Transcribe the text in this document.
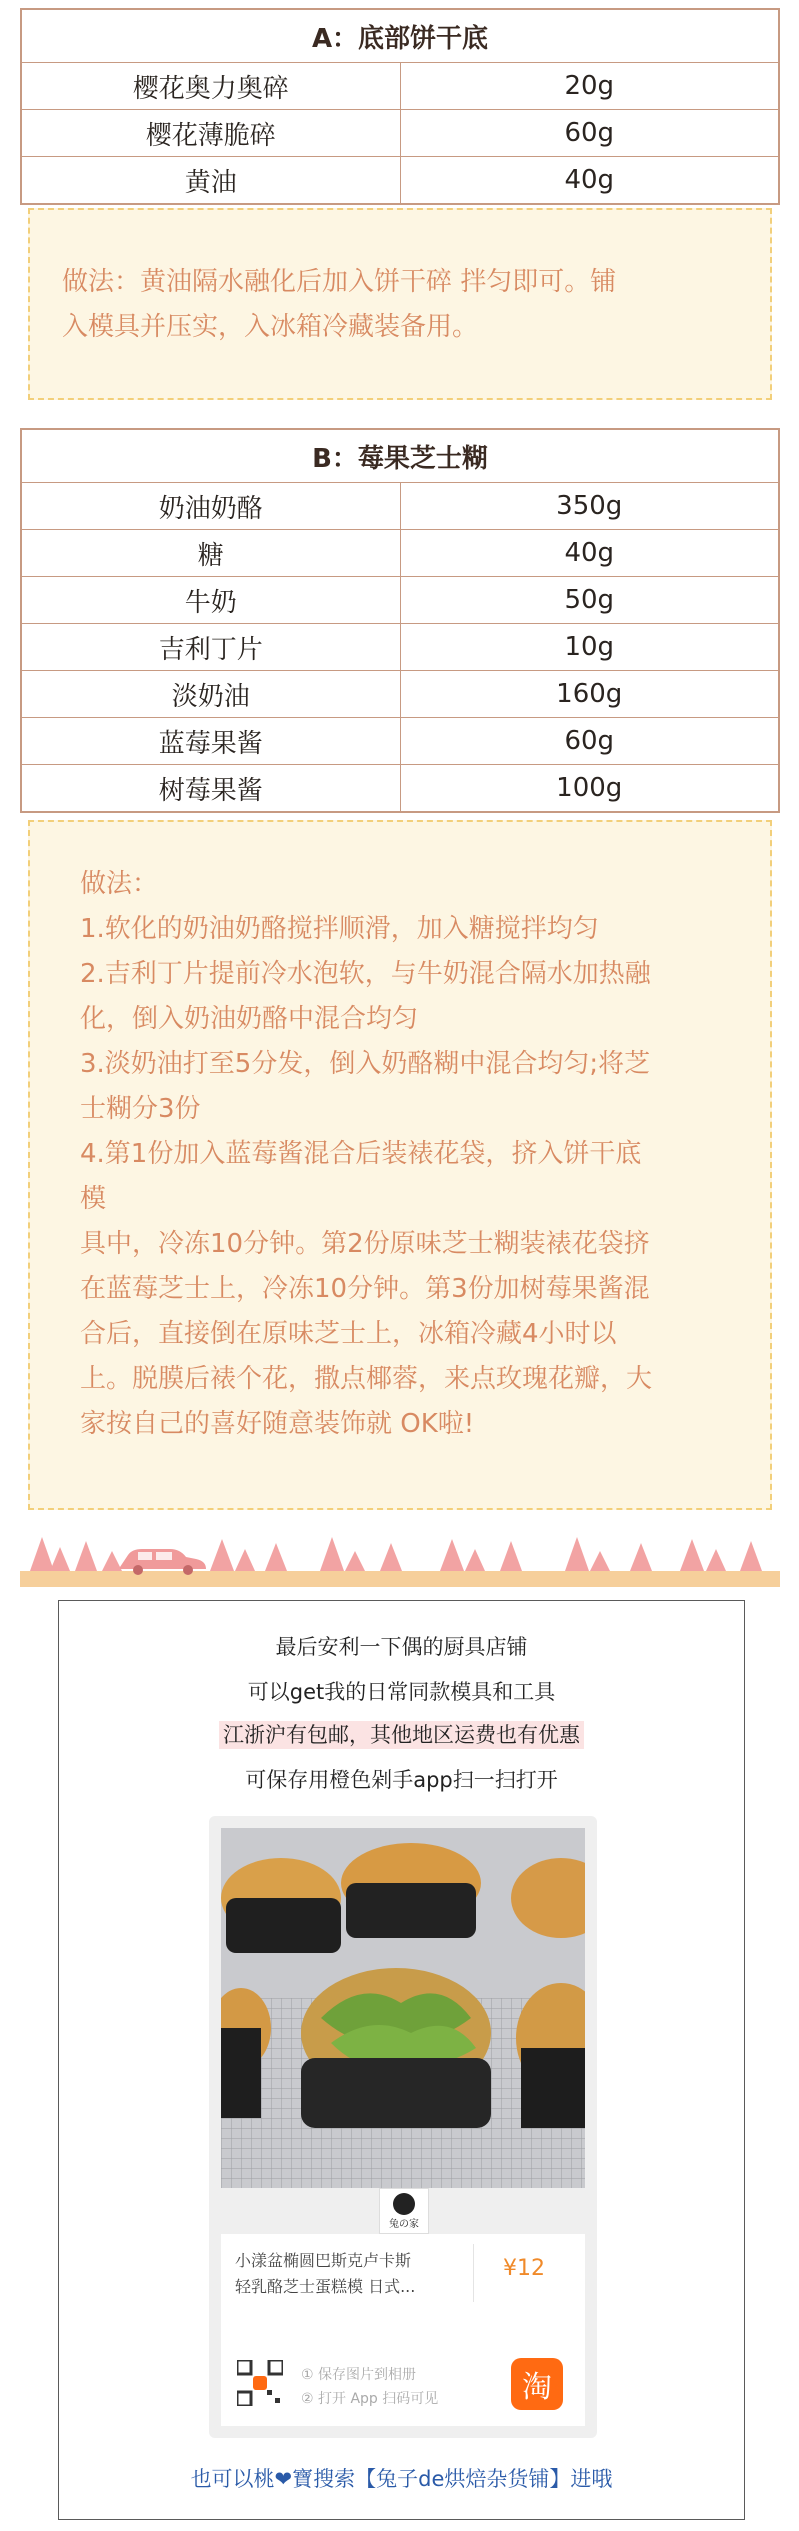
A：底部饼干底	
樱花奥力奥碎	20g
樱花薄脆碎	60g
黄油	40g

做法：黄油隔水融化后加入饼干碎 拌匀即可。铺

入模具并压实，入冰箱冷藏装备用。

B：莓果芝士糊	
奶油奶酪	350g
糖	40g
牛奶	50g
吉利丁片	10g
淡奶油	160g
蓝莓果酱	60g
树莓果酱	100g

做法：

1.软化的奶油奶酪搅拌顺滑，加入糖搅拌均匀

2.吉利丁片提前冷水泡软，与牛奶混合隔水加热融

化，倒入奶油奶酪中混合均匀

3.淡奶油打至5分发，倒入奶酪糊中混合均匀;将芝

士糊分3份

4.第1份加入蓝莓酱混合后装裱花袋，挤入饼干底

模

具中，冷冻10分钟。第2份原味芝士糊装裱花袋挤

在蓝莓芝士上，冷冻10分钟。第3份加树莓果酱混

合后，直接倒在原味芝士上，冰箱冷藏4小时以

上。脱膜后裱个花，撒点椰蓉，来点玫瑰花瓣，大

家按自己的喜好随意装饰就 OK啦!

最后安利一下偶的厨具店铺
可以get我的日常同款模具和工具
江浙沪有包邮，其他地区运费也有优惠
可保存用橙色剁手app扫一扫打开
兔の家
小漾盆椭圆巴斯克卢卡斯
轻乳酪芝士蛋糕模 日式...
¥12
① 保存图片到相册
② 打开 App 扫码可见	淘
也可以桃❤寶搜索【兔子de烘焙杂货铺】进哦
